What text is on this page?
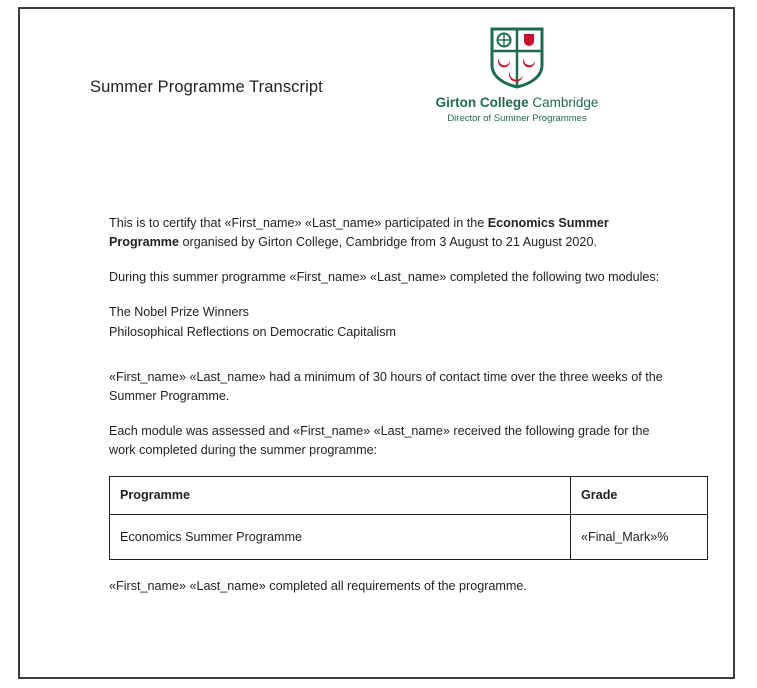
Summer Programme Transcript
Girton College Cambridge
Director of Summer Programmes

This is to certify that «First_name» «Last_name» participated in the Economics Summer Programme organised by Girton College, Cambridge from 3 August to 21 August 2020.

During this summer programme «First_name» «Last_name» completed the following two modules:

The Nobel Prize Winners
Philosophical Reflections on Democratic Capitalism

«First_name» «Last_name» had a minimum of 30 hours of contact time over the three weeks of the Summer Programme.

Each module was assessed and «First_name» «Last_name» received the following grade for the work completed during the summer programme:

Programme	Grade
Economics Summer Programme	«Final_Mark»%

«First_name» «Last_name» completed all requirements of the programme.
